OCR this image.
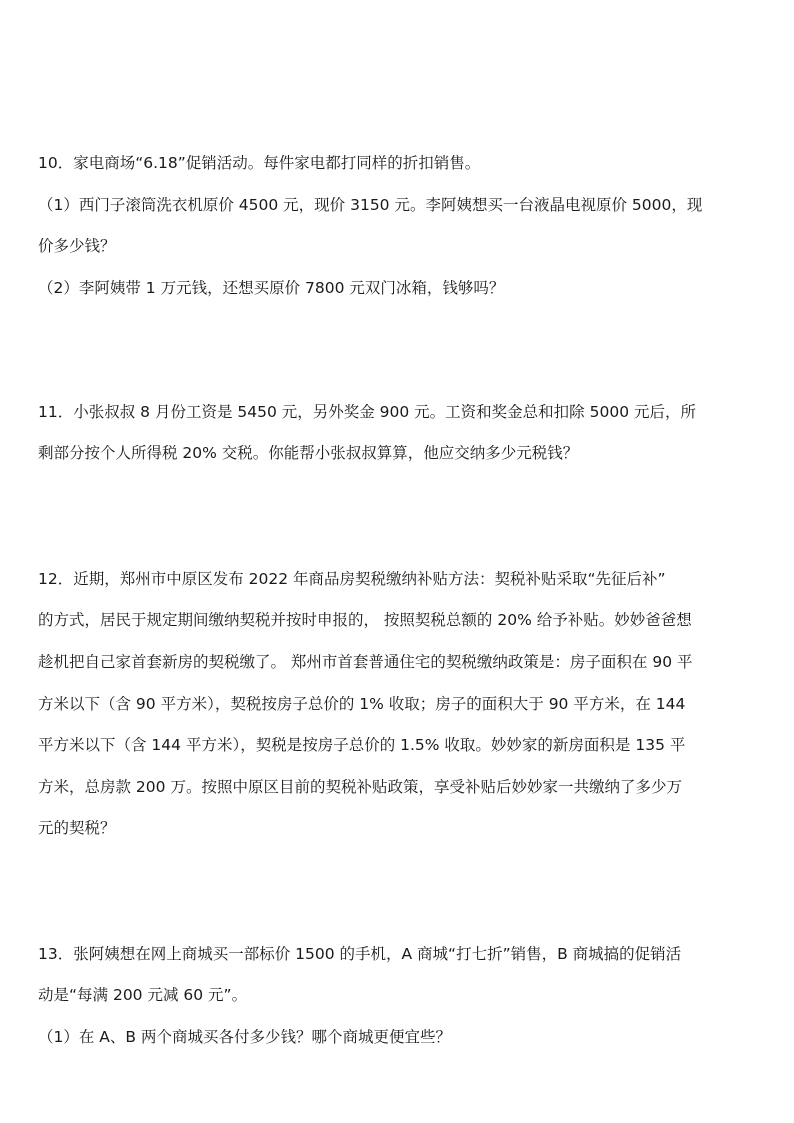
10．家电商场“6.18”促销活动。每件家电都打同样的折扣销售。
（1）西门子滚筒洗衣机原价 4500 元，现价 3150 元。李阿姨想买一台液晶电视原价 5000，现
价多少钱？
（2）李阿姨带 1 万元钱，还想买原价 7800 元双门冰箱，钱够吗？
11．小张叔叔 8 月份工资是 5450 元，另外奖金 900 元。工资和奖金总和扣除 5000 元后，所
剩部分按个人所得税 20% 交税。你能帮小张叔叔算算，他应交纳多少元税钱？
12．近期，郑州市中原区发布 2022 年商品房契税缴纳补贴方法：契税补贴采取“先征后补”
的方式，居民于规定期间缴纳契税并按时申报的， 按照契税总额的 20% 给予补贴。妙妙爸爸想
趁机把自己家首套新房的契税缴了。 郑州市首套普通住宅的契税缴纳政策是：房子面积在 90 平
方米以下（含 90 平方米），契税按房子总价的 1% 收取；房子的面积大于 90 平方米，在 144
平方米以下（含 144 平方米），契税是按房子总价的 1.5% 收取。妙妙家的新房面积是 135 平
方米，总房款 200 万。按照中原区目前的契税补贴政策，享受补贴后妙妙家一共缴纳了多少万
元的契税？
13．张阿姨想在网上商城买一部标价 1500 的手机，A 商城“打七折”销售，B 商城搞的促销活
动是“每满 200 元减 60 元”。
（1）在 A、B 两个商城买各付多少钱？哪个商城更便宜些？
